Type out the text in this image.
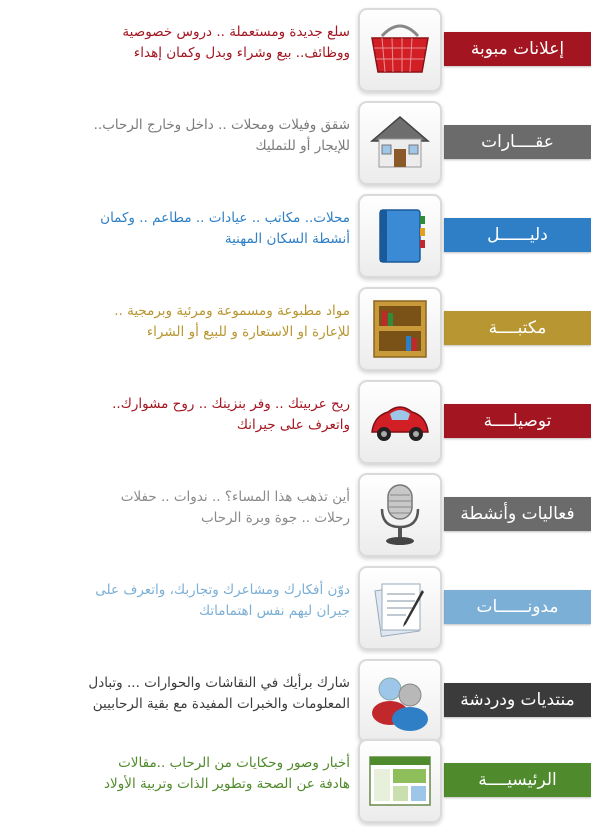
إعلانات مبوبة
سلع جديدة ومستعملة .. دروس خصوصية
ووظائف.. بيع وشراء وبدل وكمان إهداء
عقــــارات
شقق وفيلات ومحلات .. داخل وخارج الرحاب..
للإيجار أو للتمليك
دليــــــل
محلات.. مكاتب .. عيادات .. مطاعم .. وكمان
أنشطة السكان المهنية
مكتبــــة
مواد مطبوعة ومسموعة ومرئية وبرمجية ..
للإعارة او الاستعارة و للبيع أو الشراء
توصيلــــة
ريح عربيتك .. وفر بنزينك .. روح مشوارك..
واتعرف على جيرانك
فعاليات وأنشطة
أين تذهب هذا المساء؟ .. ندوات .. حفلات
رحلات .. جوة وبرة الرحاب
مدونــــــات
دوّن أفكارك ومشاعرك وتجاربك، واتعرف على
جيران ليهم نفس اهتماماتك
منتديات ودردشة
شارك برأيك في النقاشات والحوارات ... وتبادل
المعلومات والخبرات المفيدة مع بقية الرحابيين
الرئيسيــــة
أخبار وصور وحكايات من الرحاب ..مقالات
هادفة عن الصحة وتطوير الذات وتربية الأولاد
